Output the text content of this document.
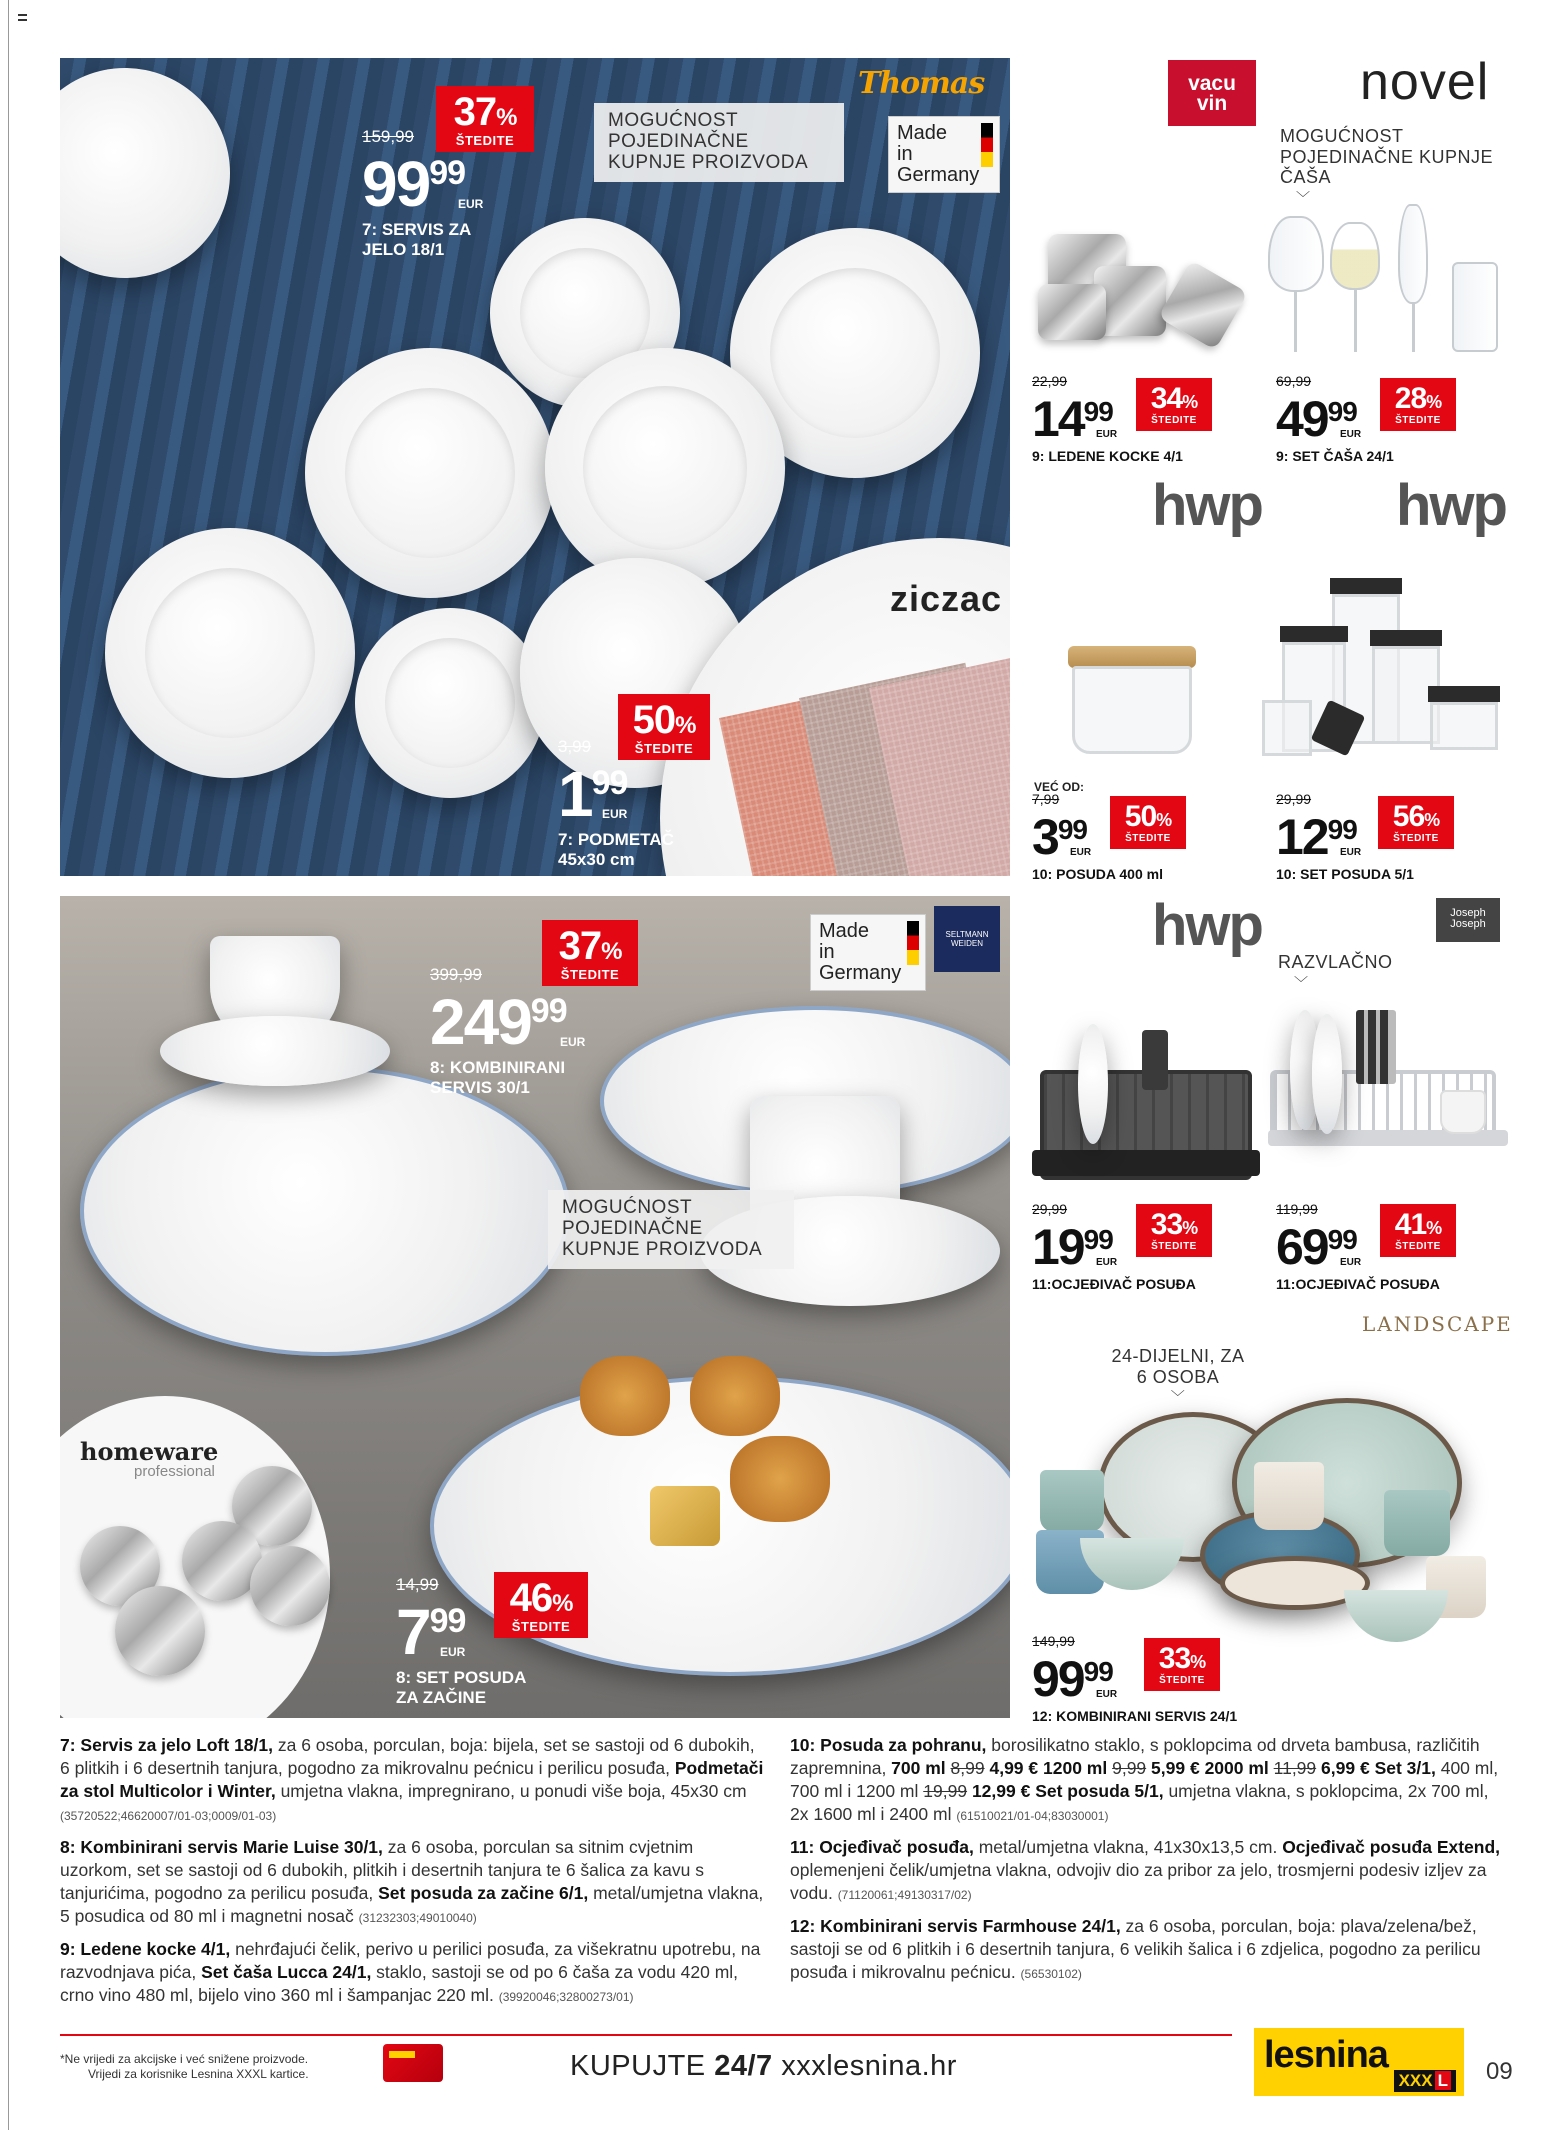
Thomas
Made in Germany
MOGUĆNOST POJEDINAČNE KUPNJE PROIZVODA
37%
ŠTEDITE
159,99
9999
EUR
7: SERVIS ZA
JELO 18/1
ziczac
50%
ŠTEDITE
3,99
199
EUR
7: PODMETAČ
45x30 cm
Made in Germany
SELTMANN WEIDEN
37%
ŠTEDITE
399,99
24999
EUR
8: KOMBINIRANI
SERVIS 30/1
MOGUĆNOST POJEDINAČNE KUPNJE PROIZVODA
homeware
professional
46%
ŠTEDITE
14,99
799
EUR
8: SET POSUDA
ZA ZAČINE
vacu
vin	novel
MOGUĆNOST POJEDINAČNE KUPNJE ČAŠA
﹀
34%
ŠTEDITE
22,99
1499
EUR
9: LEDENE KOCKE 4/1
28%
ŠTEDITE
69,99
4999
EUR
9: SET ČAŠA 24/1
hwp hwp
VEĆ OD:
50%
ŠTEDITE
7,99
399
EUR
10: POSUDA 400 ml
56%
ŠTEDITE
29,99
1299
EUR
10: SET POSUDA 5/1
hwp	Joseph Joseph
RAZVLAČNO
﹀
33%
ŠTEDITE
29,99
1999
EUR
11:OCJEĐIVAČ POSUĐA
41%
ŠTEDITE
119,99
6999
EUR
11:OCJEĐIVAČ POSUĐA
LANDSCAPE
24-DIJELNI, ZA 6 OSOBA
﹀
33%
ŠTEDITE
149,99
9999
EUR
12: KOMBINIRANI SERVIS 24/1

7: Servis za jelo Loft 18/1, za 6 osoba, porculan, boja: bijela, set se sastoji od 6 dubokih, 6 plitkih i 6 desertnih tanjura, pogodno za mikrovalnu pećnicu i perilicu posuđa, Podmetači za stol Multicolor i Winter, umjetna vlakna, impregnirano, u ponudi više boja, 45x30 cm (35720522;46620007/01-03;0009/01-03)

8: Kombinirani servis Marie Luise 30/1, za 6 osoba, porculan sa sitnim cvjetnim uzorkom, set se sastoji od 6 dubokih, plitkih i desertnih tanjura te 6 šalica za kavu s tanjurićima, pogodno za perilicu posuđa, Set posuda za začine 6/1, metal/umjetna vlakna, 5 posudica od 80 ml i magnetni nosač (31232303;49010040)

9: Ledene kocke 4/1, nehrđajući čelik, perivo u perilici posuđa, za višekratnu upotrebu, na razvodnjava pića, Set čaša Lucca 24/1, staklo, sastoji se od po 6 čaša za vodu 420 ml, crno vino 480 ml, bijelo vino 360 ml i šampanjac 220 ml. (39920046;32800273/01)

10: Posuda za pohranu, borosilikatno staklo, s poklopcima od drveta bambusa, različitih zapremnina, 700 ml 8,99 4,99 € 1200 ml 9,99 5,99 € 2000 ml 11,99 6,99 € Set 3/1, 400 ml, 700 ml i 1200 ml 19,99 12,99 € Set posuda 5/1, umjetna vlakna, s poklopcima, 2x 700 ml, 2x 1600 ml i 2400 ml (61510021/01-04;83030001)

11: Ocjeđivač posuđa, metal/umjetna vlakna, 41x30x13,5 cm. Ocjeđivač posuđa Extend, oplemenjeni čelik/umjetna vlakna, odvojiv dio za pribor za jelo, trosmjerni podesiv izljev za vodu. (71120061;49130317/02)

12: Kombinirani servis Farmhouse 24/1, za 6 osoba, porculan, boja: plava/zelena/bež, sastoji se od 6 plitkih i 6 desertnih tanjura, 6 velikih šalica i 6 zdjelica, pogodno za perilicu posuđa i mikrovalnu pećnicu. (56530102)

*Ne vrijedi za akcijske i već snižene proizvode.
Vrijedi za korisnike Lesnina XXXL kartice.	KUPUJTE 24/7 xxxlesnina.hr	lesnina
XXX L	09
